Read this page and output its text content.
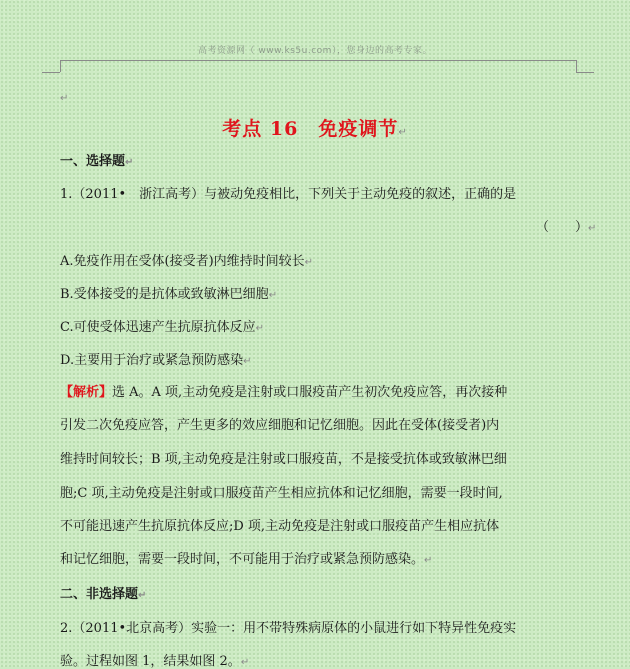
高考资源网（ www.ks5u.com），您身边的高考专家。
↵
考点 16　免疫调节↵
一、选择题↵
1.（2011•　浙江高考）与被动免疫相比，下列关于主动免疫的叙述，正确的是
（　　）↵
A.免疫作用在受体(接受者)内维持时间较长↵
B.受体接受的是抗体或致敏淋巴细胞↵
C.可使受体迅速产生抗原抗体反应↵
D.主要用于治疗或紧急预防感染↵
【解析】选 A。A 项,主动免疫是注射或口服疫苗产生初次免疫应答，再次接种
引发二次免疫应答，产生更多的效应细胞和记忆细胞。因此在受体(接受者)内
维持时间较长；B 项,主动免疫是注射或口服疫苗，不是接受抗体或致敏淋巴细
胞;C 项,主动免疫是注射或口服疫苗产生相应抗体和记忆细胞，需要一段时间,
不可能迅速产生抗原抗体反应;D 项,主动免疫是注射或口服疫苗产生相应抗体
和记忆细胞，需要一段时间，不可能用于治疗或紧急预防感染。↵
二、非选择题↵
2.（2011•北京高考）实验一：用不带特殊病原体的小鼠进行如下特异性免疫实
验。过程如图 1，结果如图 2。↵
